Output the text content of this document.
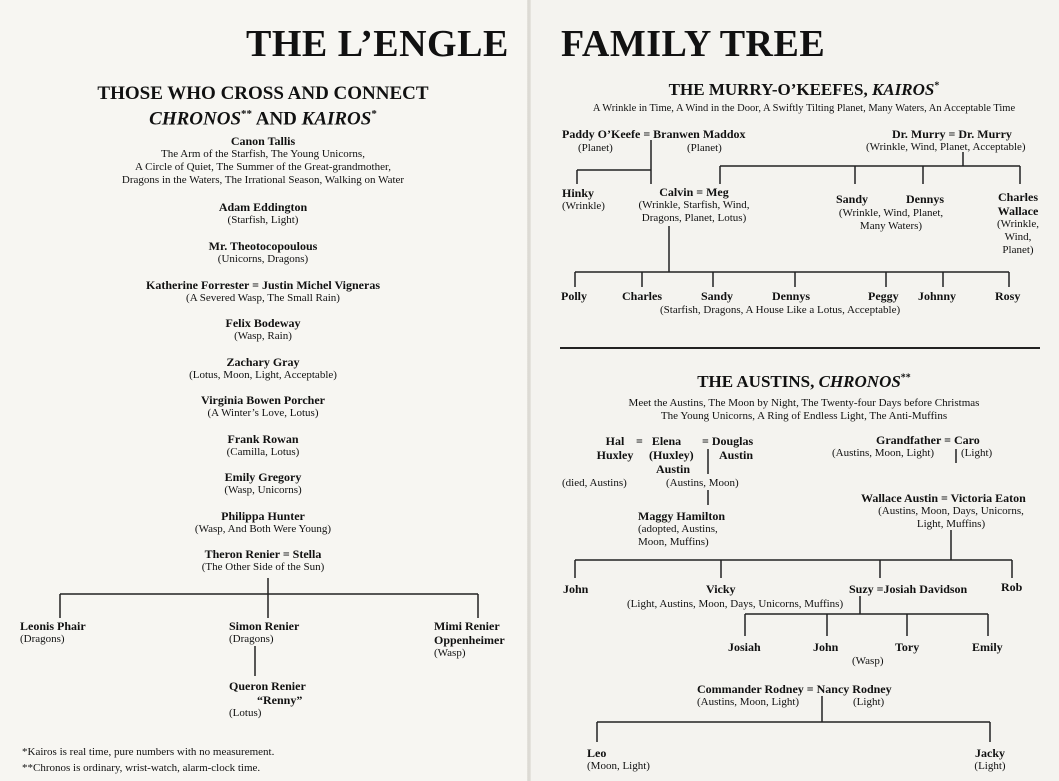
THE L’ENGLE FAMILY TREE
THOSE WHO CROSS AND CONNECT
CHRONOS** AND KAIROS*
Canon Tallis
The Arm of the Starfish, The Young Unicorns,
A Circle of Quiet, The Summer of the Great-grandmother,
Dragons in the Waters, The Irrational Season, Walking on Water
Adam Eddington
(Starfish, Light)
Mr. Theotocopoulous
(Unicorns, Dragons)
Katherine Forrester = Justin Michel Vigneras
(A Severed Wasp, The Small Rain)
Felix Bodeway
(Wasp, Rain)
Zachary Gray
(Lotus, Moon, Light, Acceptable)
Virginia Bowen Porcher
(A Winter’s Love, Lotus)
Frank Rowan
(Camilla, Lotus)
Emily Gregory
(Wasp, Unicorns)
Philippa Hunter
(Wasp, And Both Were Young)
Theron Renier = Stella
(The Other Side of the Sun)
Leonis Phair
(Dragons)
Simon Renier
(Dragons)
Mimi Renier
Oppenheimer
(Wasp)
Queron Renier
“Renny”
(Lotus)
*Kairos is real time, pure numbers with no measurement.
**Chronos is ordinary, wrist-watch, alarm-clock time.
THE MURRY-O’KEEFES, KAIROS*
A Wrinkle in Time, A Wind in the Door, A Swiftly Tilting Planet, Many Waters, An Acceptable Time
Paddy O’Keefe = Branwen Maddox
(Planet)	(Planet)
Dr. Murry = Dr. Murry
(Wrinkle, Wind, Planet, Acceptable)
Hinky
(Wrinkle)
Calvin = Meg
(Wrinkle, Starfish, Wind,
Dragons, Planet, Lotus)
Sandy	Dennys
(Wrinkle, Wind, Planet,
Many Waters)
Charles
Wallace
(Wrinkle,
Wind,
Planet)
Polly	Charles	Sandy	Dennys	Peggy Johnny	Rosy
(Starfish, Dragons, A House Like a Lotus, Acceptable)
THE AUSTINS, CHRONOS**
Meet the Austins, The Moon by Night, The Twenty-four Days before Christmas
The Young Unicorns, A Ring of Endless Light, The Anti-Muffins
Hal
Huxley
(died, Austins)
=   Elena
(Huxley)
Austin
(Austins, Moon)
= Douglas
Austin
Maggy Hamilton
(adopted, Austins,
Moon, Muffins)
Grandfather = Caro
(Austins, Moon, Light) (Light)
Wallace Austin = Victoria Eaton
(Austins, Moon, Days, Unicorns,
Light, Muffins)
John	Vicky
(Light, Austins, Moon, Days, Unicorns, Muffins)
Suzy =Josiah Davidson	Rob
Josiah	John	Tory	Emily
(Wasp)
Commander Rodney = Nancy Rodney
(Austins, Moon, Light)	(Light)
Leo
(Moon, Light)
Jacky
(Light)
